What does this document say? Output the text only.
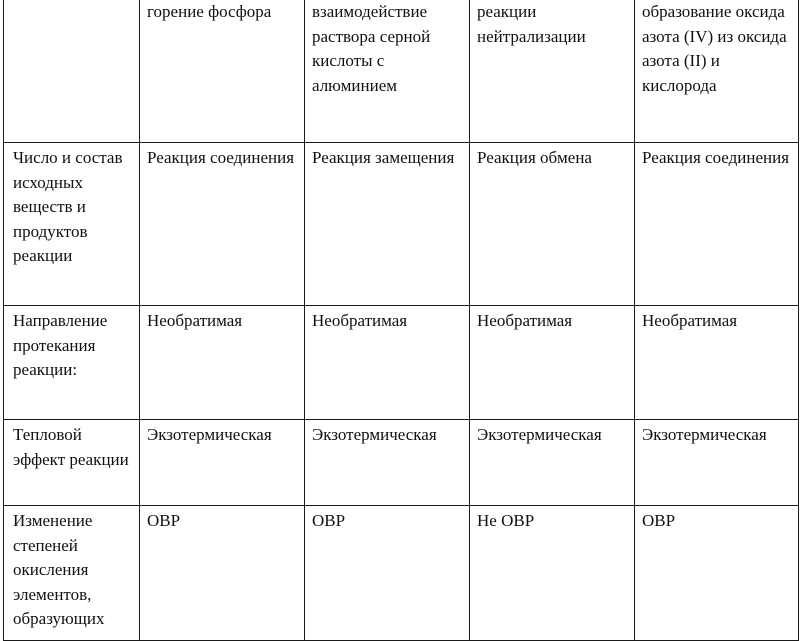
	горение фосфора	взаимодействие раствора серной кислоты с алюминием	реакции нейтрализации	образование оксида азота (IV) из оксида азота (II) и кислорода
Число и состав исходных веществ и продуктов реакции	Реакция соединения	Реакция замещения	Реакция обмена	Реакция соединения
Направление протекания реакции:	Необратимая	Необратимая	Необратимая	Необратимая
Тепловой эффект реакции	Экзотермическая	Экзотермическая	Экзотермическая	Экзотермическая
Изменение степеней окисления элементов, образующих	ОВР	ОВР	Не ОВР	ОВР
